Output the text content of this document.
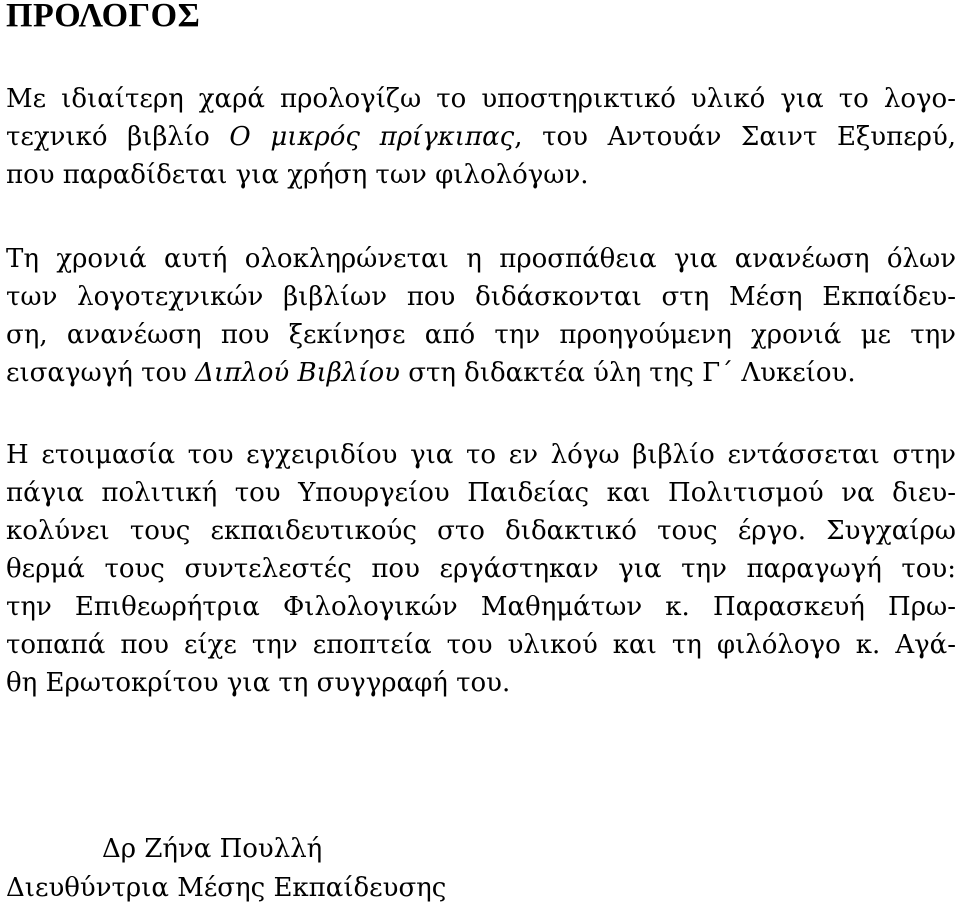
ΠΡΟΛΟΓΟΣ
Με ιδιαίτερη χαρά προλογίζω το υποστηρικτικό υλικό για το λογο-
τεχνικό βιβλίο Ο μικρός πρίγκιπας, του Αντουάν Σαιντ Εξυπερύ,
που παραδίδεται για χρήση των φιλολόγων.
Τη χρονιά αυτή ολοκληρώνεται η προσπάθεια για ανανέωση όλων
των λογοτεχνικών βιβλίων που διδάσκονται στη Μέση Εκπαίδευ-
ση, ανανέωση που ξεκίνησε από την προηγούμενη χρονιά με την
εισαγωγή του Διπλού Βιβλίου στη διδακτέα ύλη της Γ΄ Λυκείου.
Η ετοιμασία του εγχειριδίου για το εν λόγω βιβλίο εντάσσεται στην
πάγια πολιτική του Υπουργείου Παιδείας και Πολιτισμού να διευ-
κολύνει τους εκπαιδευτικούς στο διδακτικό τους έργο. Συγχαίρω
θερμά τους συντελεστές που εργάστηκαν για την παραγωγή του:
την Επιθεωρήτρια Φιλολογικών Μαθημάτων κ. Παρασκευή Πρω-
τοπαπά που είχε την εποπτεία του υλικού και τη φιλόλογο κ. Αγά-
θη Ερωτοκρίτου για τη συγγραφή του.
Δρ Ζήνα Πουλλή
Διευθύντρια Μέσης Εκπαίδευσης
